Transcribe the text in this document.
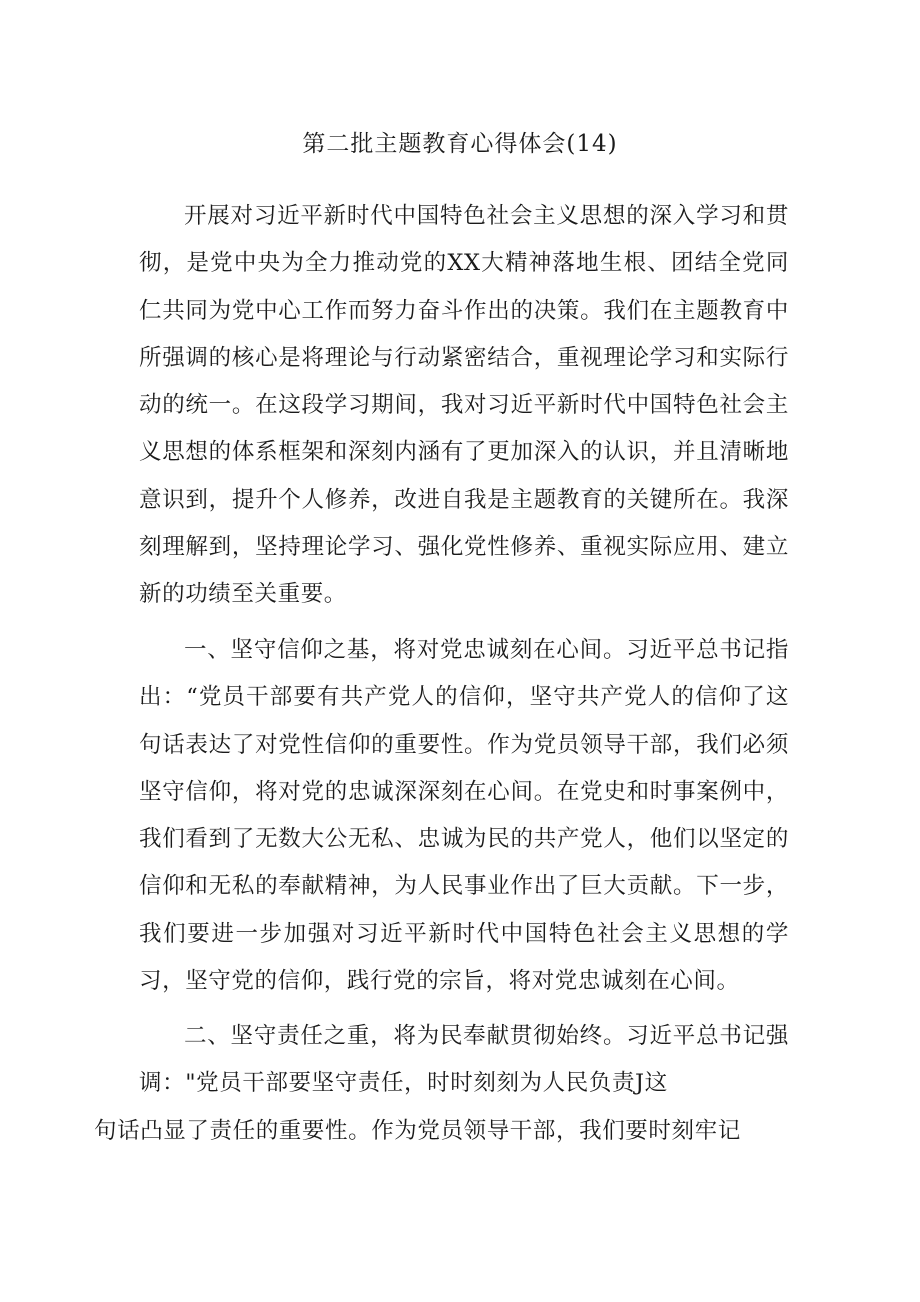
第二批主题教育心得体会(14)

开展对习近平新时代中国特色社会主义思想的深入学习和贯彻，是党中央为全力推动党的XX大精神落地生根、团结全党同仁共同为党中心工作而努力奋斗作出的决策。我们在主题教育中所强调的核心是将理论与行动紧密结合，重视理论学习和实际行动的统一。在这段学习期间，我对习近平新时代中国特色社会主义思想的体系框架和深刻内涵有了更加深入的认识，并且清晰地意识到，提升个人修养，改进自我是主题教育的关键所在。我深刻理解到，坚持理论学习、强化党性修养、重视实际应用、建立新的功绩至关重要。

一、坚守信仰之基，将对党忠诚刻在心间。习近平总书记指出：“党员干部要有共产党人的信仰，坚守共产党人的信仰了这句话表达了对党性信仰的重要性。作为党员领导干部，我们必须坚守信仰，将对党的忠诚深深刻在心间。在党史和时事案例中，我们看到了无数大公无私、忠诚为民的共产党人，他们以坚定的信仰和无私的奉献精神，为人民事业作出了巨大贡献。下一步，我们要进一步加强对习近平新时代中国特色社会主义思想的学习，坚守党的信仰，践行党的宗旨，将对党忠诚刻在心间。

二、坚守责任之重，将为民奉献贯彻始终。习近平总书记强调："党员干部要坚守责任，时时刻刻为人民负责J这
句话凸显了责任的重要性。作为党员领导干部，我们要时刻牢记
